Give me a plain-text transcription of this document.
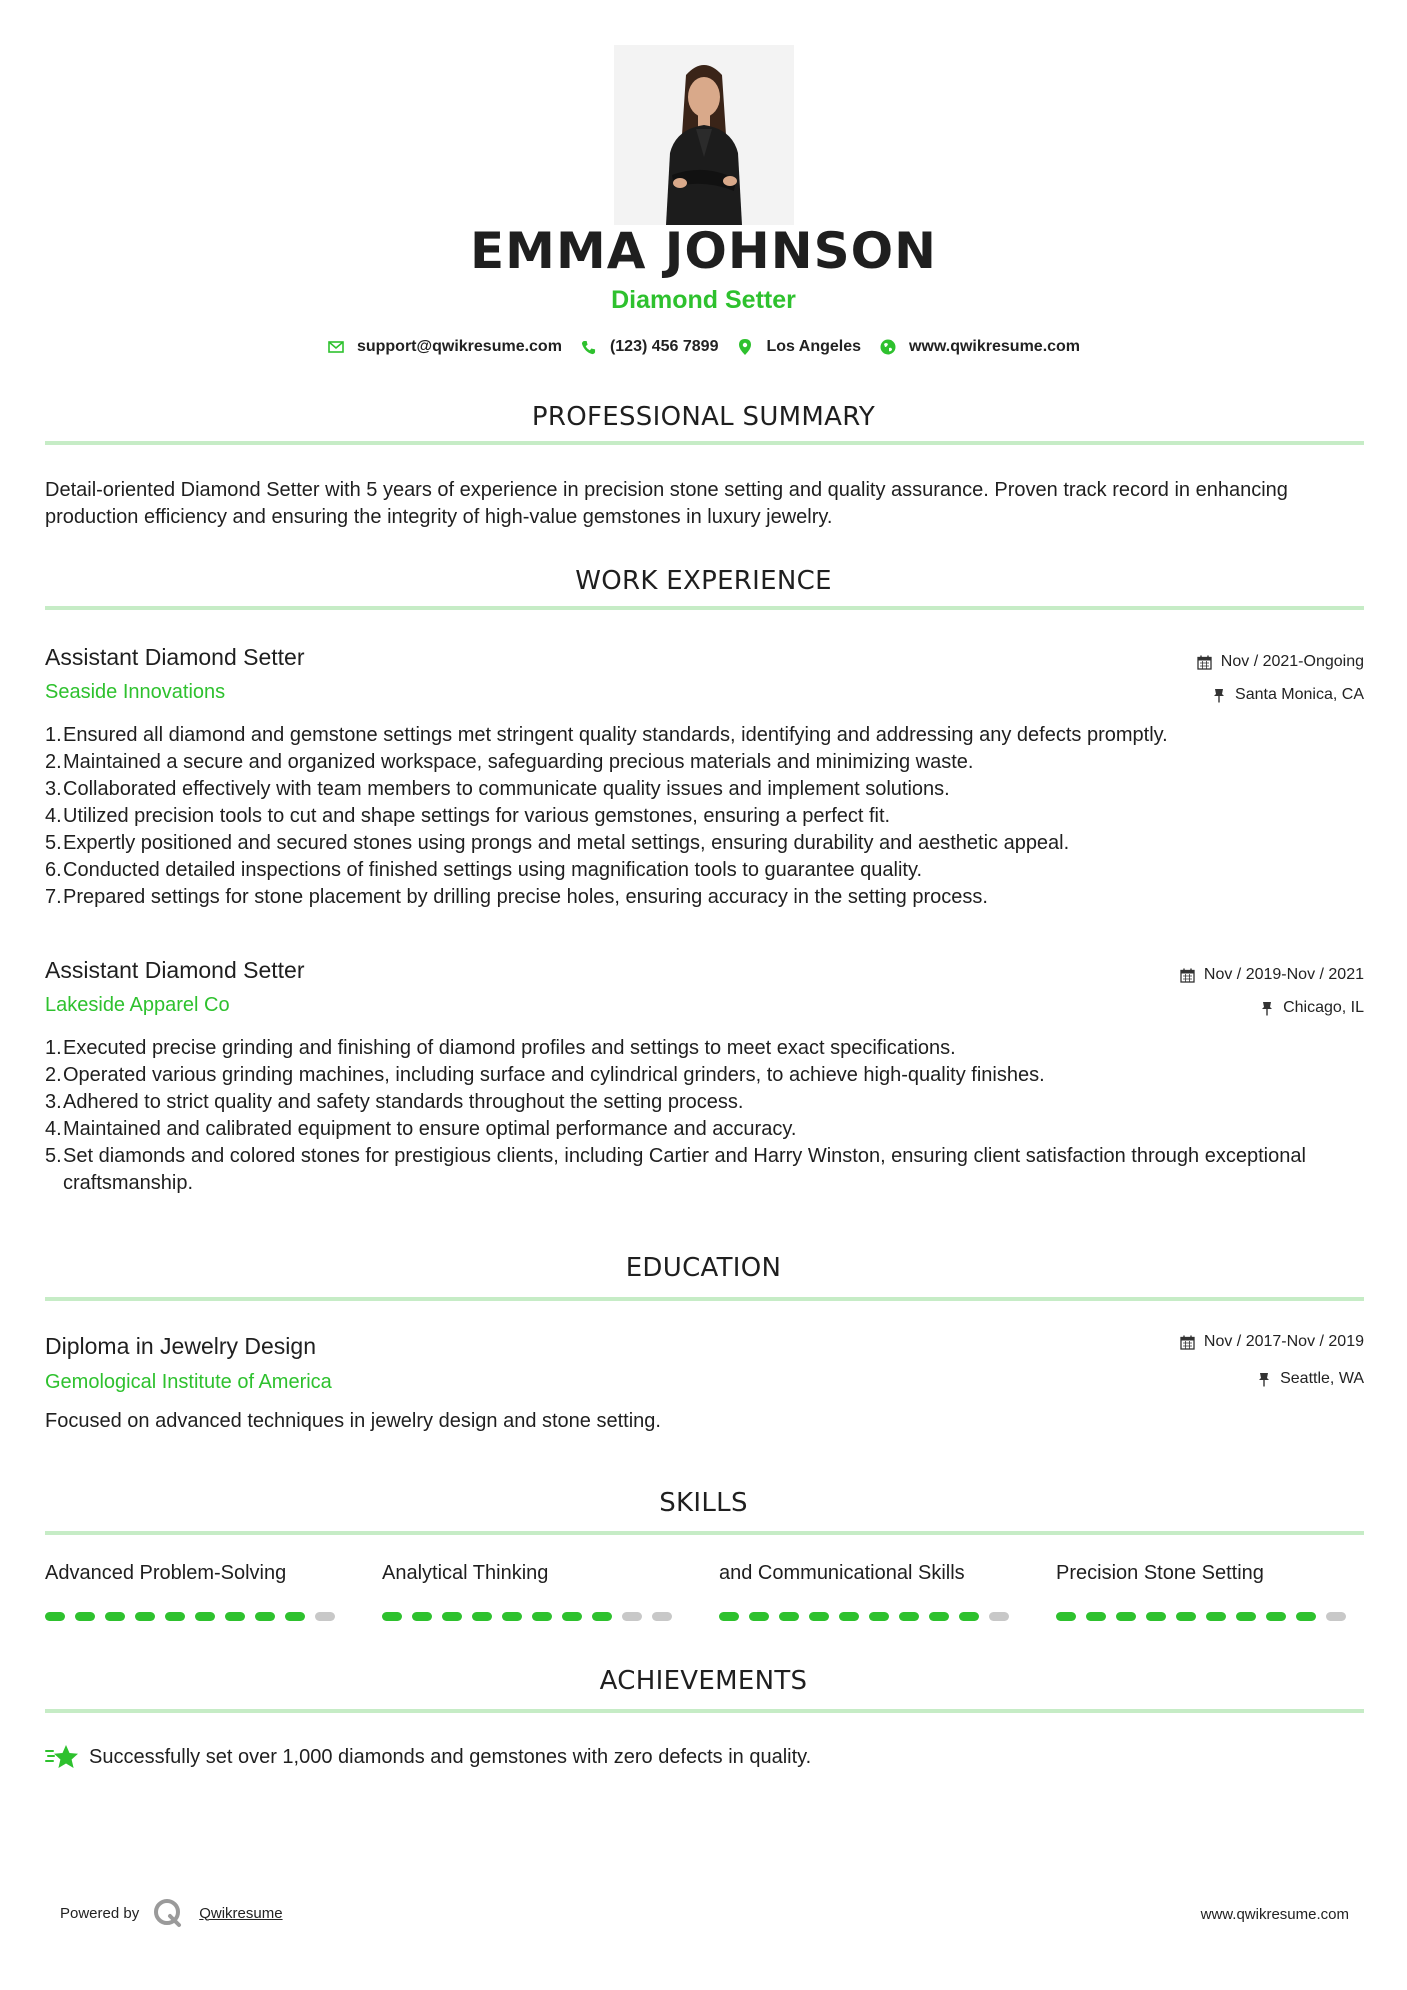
EMMA JOHNSON
Diamond Setter
support@qwikresume.com	(123) 456 7899	Los Angeles	www.qwikresume.com
PROFESSIONAL SUMMARY
Detail-oriented Diamond Setter with 5 years of experience in precision stone setting and quality assurance. Proven track record in enhancing production efficiency and ensuring the integrity of high-value gemstones in luxury jewelry.
WORK EXPERIENCE
Assistant Diamond Setter
Seaside Innovations
Nov / 2021-Ongoing
Santa Monica, CA
1. Ensured all diamond and gemstone settings met stringent quality standards, identifying and addressing any defects promptly.
2. Maintained a secure and organized workspace, safeguarding precious materials and minimizing waste.
3. Collaborated effectively with team members to communicate quality issues and implement solutions.
4. Utilized precision tools to cut and shape settings for various gemstones, ensuring a perfect fit.
5. Expertly positioned and secured stones using prongs and metal settings, ensuring durability and aesthetic appeal.
6. Conducted detailed inspections of finished settings using magnification tools to guarantee quality.
7. Prepared settings for stone placement by drilling precise holes, ensuring accuracy in the setting process.
Assistant Diamond Setter
Lakeside Apparel Co
Nov / 2019-Nov / 2021
Chicago, IL
1. Executed precise grinding and finishing of diamond profiles and settings to meet exact specifications.
2. Operated various grinding machines, including surface and cylindrical grinders, to achieve high-quality finishes.
3. Adhered to strict quality and safety standards throughout the setting process.
4. Maintained and calibrated equipment to ensure optimal performance and accuracy.
5. Set diamonds and colored stones for prestigious clients, including Cartier and Harry Winston, ensuring client satisfaction through exceptional craftsmanship.
EDUCATION
Diploma in Jewelry Design
Gemological Institute of America
Nov / 2017-Nov / 2019
Seattle, WA
Focused on advanced techniques in jewelry design and stone setting.
SKILLS
Advanced Problem-Solving	Analytical Thinking	and Communicational Skills	Precision Stone Setting
ACHIEVEMENTS
Successfully set over 1,000 diamonds and gemstones with zero defects in quality.
Powered by	Qwikresume	www.qwikresume.com
